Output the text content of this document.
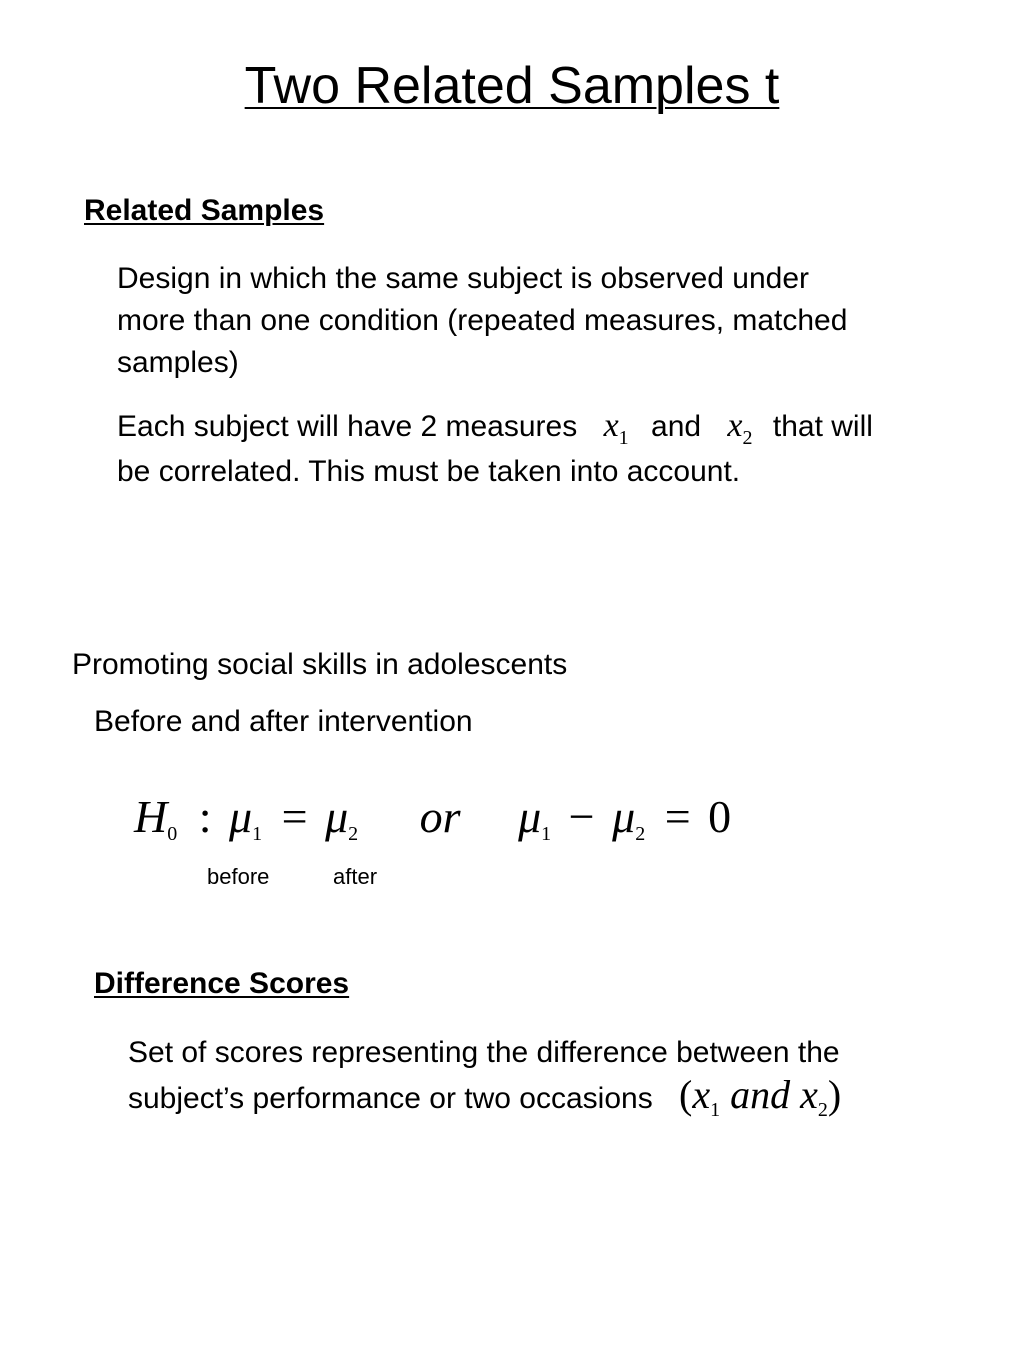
Two Related Samples t
Related Samples
Design in which the same subject is observed under
more than one condition (repeated measures, matched
samples)
Each subject will have 2 measures $x_1$ and $x_2$ that will
be correlated. This must be taken into account.
Promoting social skills in adolescents
Before and after intervention
H0 : μ1 = μ2 or μ1 − μ2 = 0
before	after
Difference Scores
Set of scores representing the difference between the
subject’s performance or two occasions ($x_1$ and $x_2$)
